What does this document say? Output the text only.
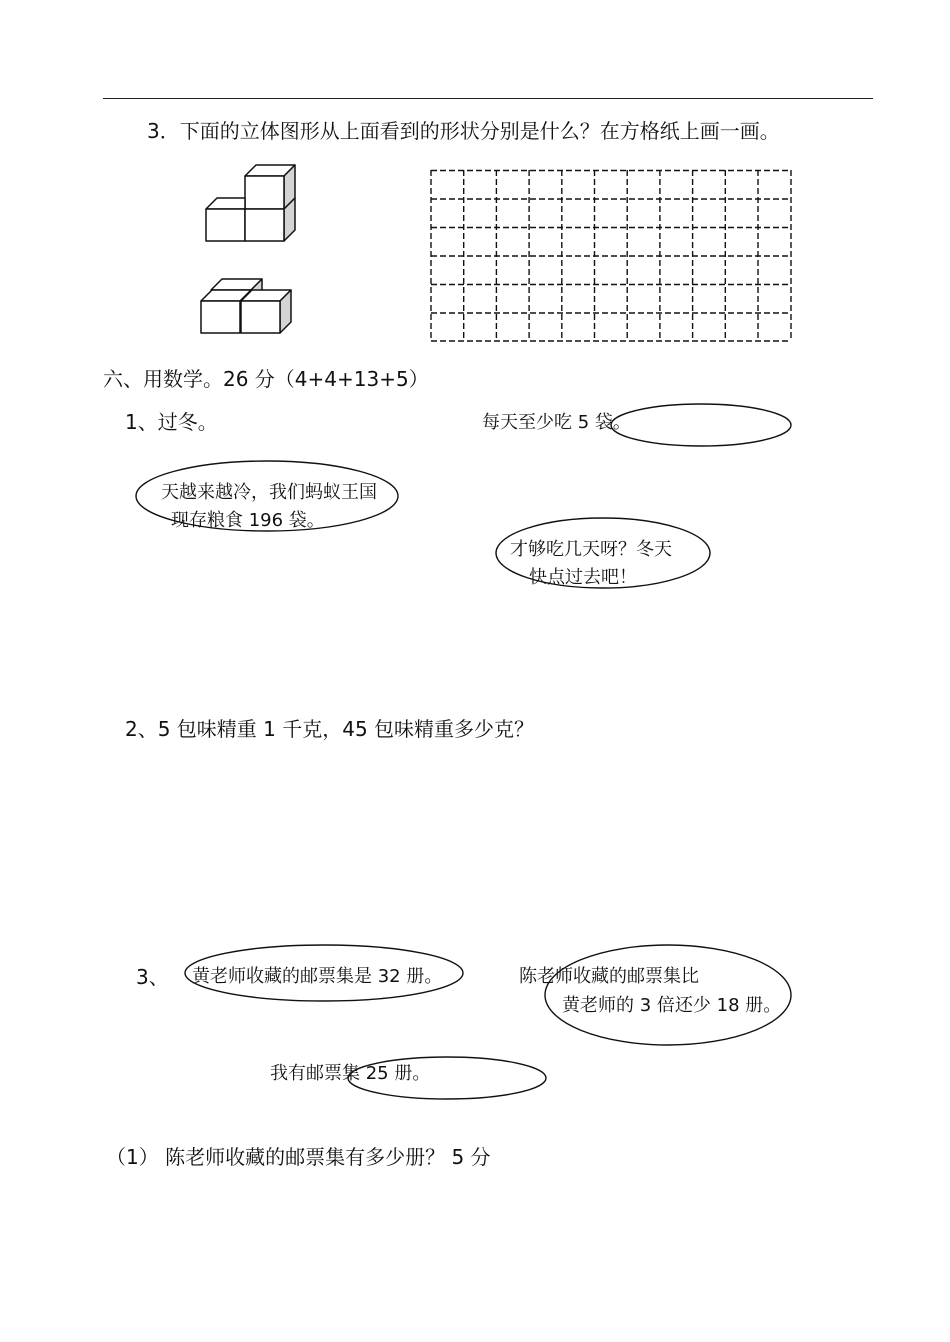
3．下面的立体图形从上面看到的形状分别是什么？在方格纸上画一画。
六、用数学。26 分（4+4+13+5）
1、过冬。	每天至少吃 5 袋。
天越来越冷，我们蚂蚁王国
现存粮食 196 袋。
才够吃几天呀？冬天
快点过去吧！
2、5 包味精重 1 千克，45 包味精重多少克？
3、 黄老师收藏的邮票集是 32 册。	陈老师收藏的邮票集比
黄老师的 3 倍还少 18 册。
我有邮票集 25 册。
（1） 陈老师收藏的邮票集有多少册？ 5 分
